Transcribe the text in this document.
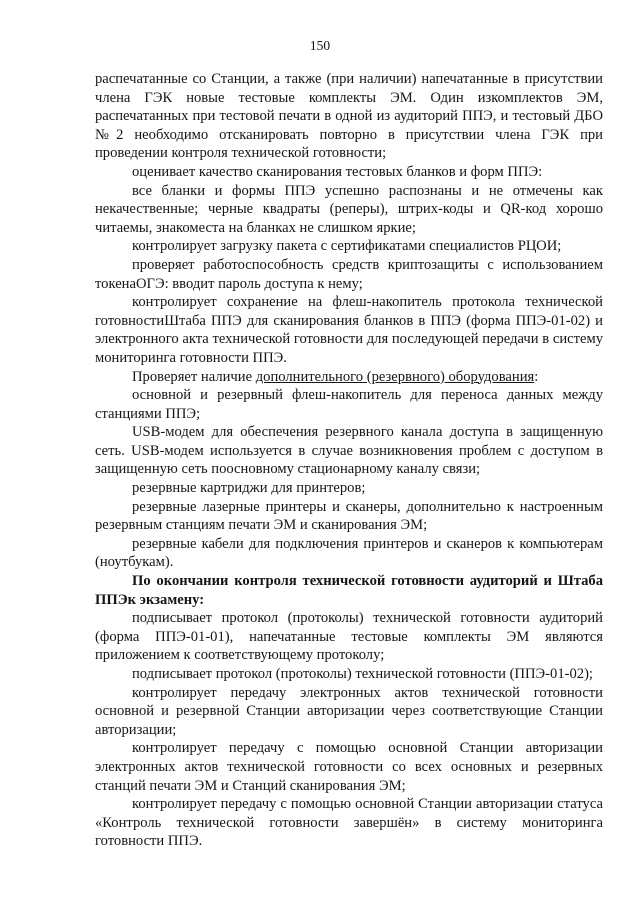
150

распечатанные со Станции, а также (при наличии) напечатанные в присутствии члена ГЭК новые тестовые комплекты ЭМ. Один изкомплектов ЭМ, распечатанных при тестовой печати в одной из аудиторий ППЭ, и тестовый ДБО №2 необходимо отсканировать повторно в присутствии члена ГЭК при проведении контроля технической готовности;

оценивает качество сканирования тестовых бланков и форм ППЭ:

все бланки и формы ППЭ успешно распознаны и не отмечены как некачественные; черные квадраты (реперы), штрих-коды и QR-код хорошо читаемы, знакоместа на бланках не слишком яркие;

контролирует загрузку пакета с сертификатами специалистов РЦОИ;

проверяет работоспособность средств криптозащиты с использованием токенаОГЭ: вводит пароль доступа к нему;

контролирует сохранение на флеш-накопитель протокола технической готовностиШтаба ППЭ для сканирования бланков в ППЭ (форма ППЭ-01-02) и электронного акта технической готовности для последующей передачи в систему мониторинга готовности ППЭ.

Проверяет наличие дополнительного (резервного) оборудования:

основной и резервный флеш-накопитель для переноса данных между станциями ППЭ;

USB-модем для обеспечения резервного канала доступа в защищенную сеть. USB-модем используется в случае возникновения проблем с доступом в защищенную сеть поосновному стационарному каналу связи;

резервные картриджи для принтеров;

резервные лазерные принтеры и сканеры, дополнительно к настроенным резервным станциям печати ЭМ и сканирования ЭМ;

резервные кабели для подключения принтеров и сканеров к компьютерам (ноутбукам).

По окончании контроля технической готовности аудиторий и Штаба ППЭк экзамену:

подписывает протокол (протоколы) технической готовности аудиторий (форма ППЭ-01-01), напечатанные тестовые комплекты ЭМ являются приложением к соответствующему протоколу;

подписывает протокол (протоколы) технической готовности (ППЭ-01-02);

контролирует передачу электронных актов технической готовности основной и резервной Станции авторизации через соответствующие Станции авторизации;

контролирует передачу с помощью основной Станции авторизации электронных актов технической готовности со всех основных и резервных станций печати ЭМ и Станций сканирования ЭМ;

контролирует передачу с помощью основной Станции авторизации статуса «Контроль технической готовности завершён» в систему мониторинга готовности ППЭ.
